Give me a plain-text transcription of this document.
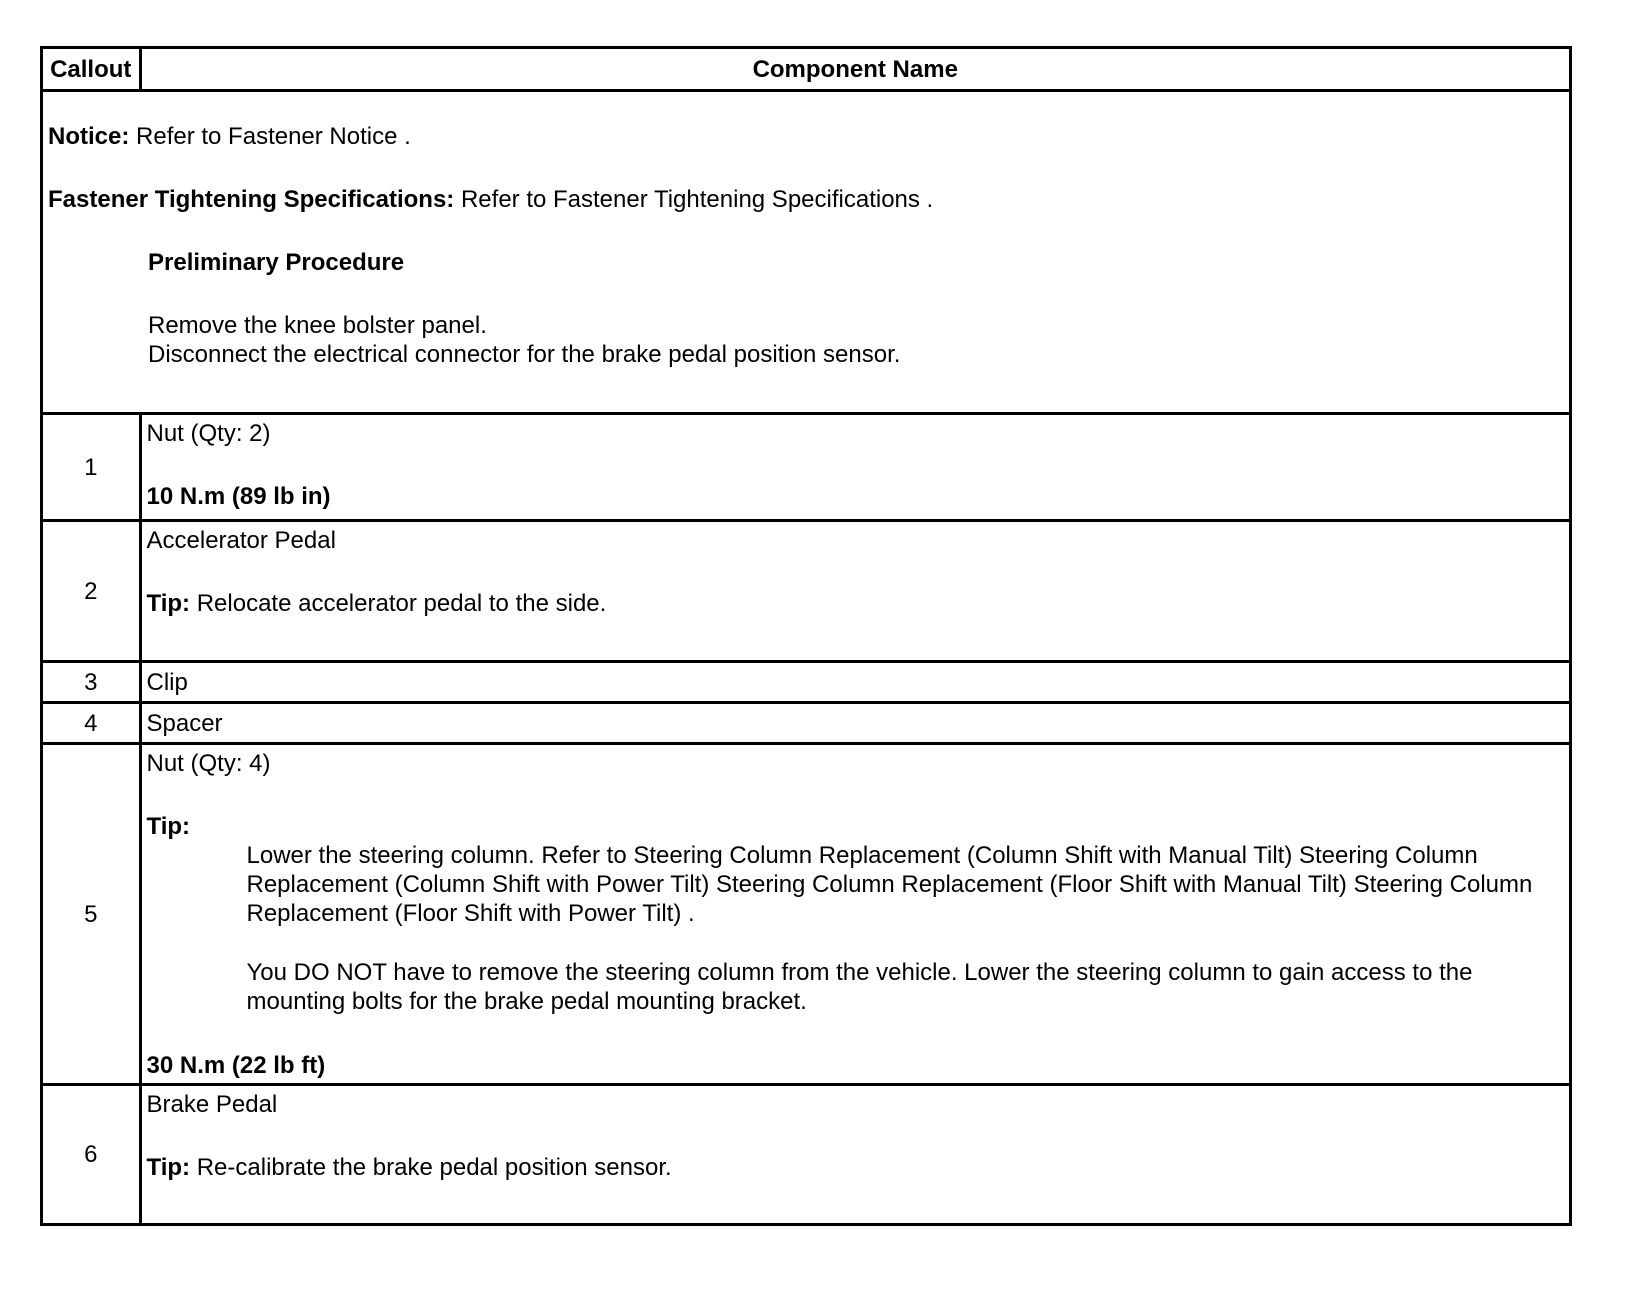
Callout	Component Name

Notice: Refer to Fastener Notice .

Fastener Tightening Specifications: Refer to Fastener Tightening Specifications .

Preliminary Procedure

Remove the knee bolster panel.

Disconnect the electrical connector for the brake pedal position sensor.	

1	Nut (Qty: 2)

10 N.m (89 lb in)

2	Accelerator Pedal

Tip: Relocate accelerator pedal to the side.

3	Clip
4	Spacer
5	Nut (Qty: 4)

Tip:

Lower the steering column. Refer to Steering Column Replacement (Column Shift with Manual Tilt) Steering Column Replacement (Column Shift with Power Tilt) Steering Column Replacement (Floor Shift with Manual Tilt) Steering Column Replacement (Floor Shift with Power Tilt) .

You DO NOT have to remove the steering column from the vehicle. Lower the steering column to gain access to the mounting bolts for the brake pedal mounting bracket.

30 N.m (22 lb ft)

6	Brake Pedal

Tip: Re-calibrate the brake pedal position sensor.
